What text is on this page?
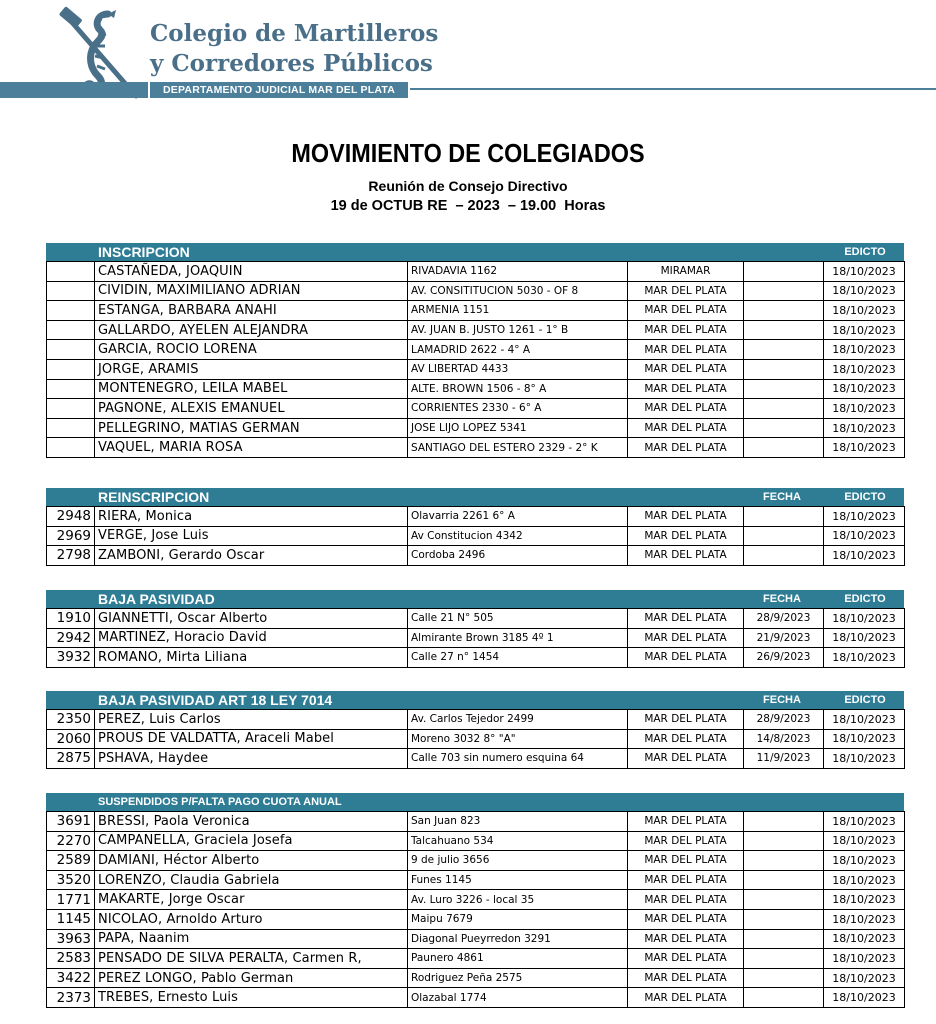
Colegio de Martilleros
y Corredores Públicos
DEPARTAMENTO JUDICIAL MAR DEL PLATA
MOVIMIENTO DE COLEGIADOS
Reunión de Consejo Directivo
19 de OCTUB RE  – 2023  – 19.00  Horas
INSCRIPCION	EDICTO
	CASTAÑEDA, JOAQUIN	RIVADAVIA 1162	MIRAMAR		18/10/2023
	CIVIDIN, MAXIMILIANO ADRIAN	AV. CONSITITUCION 5030 - OF 8	MAR DEL PLATA		18/10/2023
	ESTANGA, BARBARA ANAHI	ARMENIA 1151	MAR DEL PLATA		18/10/2023
	GALLARDO, AYELEN ALEJANDRA	AV. JUAN B. JUSTO 1261 - 1° B	MAR DEL PLATA		18/10/2023
	GARCIA, ROCIO LORENA	LAMADRID 2622 - 4° A	MAR DEL PLATA		18/10/2023
	JORGE, ARAMIS	AV LIBERTAD 4433	MAR DEL PLATA		18/10/2023
	MONTENEGRO, LEILA MABEL	ALTE. BROWN 1506 - 8° A	MAR DEL PLATA		18/10/2023
	PAGNONE, ALEXIS EMANUEL	CORRIENTES 2330 - 6° A	MAR DEL PLATA		18/10/2023
	PELLEGRINO, MATIAS GERMAN	JOSE LIJO LOPEZ 5341	MAR DEL PLATA		18/10/2023
	VAQUEL, MARIA ROSA	SANTIAGO DEL ESTERO 2329 - 2° K	MAR DEL PLATA		18/10/2023
REINSCRIPCION	FECHA	EDICTO
2948	RIERA, Monica	Olavarria 2261 6° A	MAR DEL PLATA		18/10/2023
2969	VERGE, Jose Luis	Av Constitucion 4342	MAR DEL PLATA		18/10/2023
2798	ZAMBONI, Gerardo Oscar	Cordoba 2496	MAR DEL PLATA		18/10/2023
BAJA PASIVIDAD	FECHA	EDICTO
1910	GIANNETTI, Oscar Alberto	Calle 21 N° 505	MAR DEL PLATA	28/9/2023	18/10/2023
2942	MARTINEZ, Horacio David	Almirante Brown 3185 4º 1	MAR DEL PLATA	21/9/2023	18/10/2023
3932	ROMANO, Mirta Liliana	Calle 27 n° 1454	MAR DEL PLATA	26/9/2023	18/10/2023
BAJA PASIVIDAD ART 18 LEY 7014	FECHA	EDICTO
2350	PEREZ, Luis Carlos	Av. Carlos Tejedor 2499	MAR DEL PLATA	28/9/2023	18/10/2023
2060	PROUS DE VALDATTA, Araceli Mabel	Moreno 3032 8° "A"	MAR DEL PLATA	14/8/2023	18/10/2023
2875	PSHAVA, Haydee	Calle 703 sin numero esquina 64	MAR DEL PLATA	11/9/2023	18/10/2023
SUSPENDIDOS P/FALTA PAGO CUOTA ANUAL
3691	BRESSI, Paola Veronica	San Juan 823	MAR DEL PLATA		18/10/2023
2270	CAMPANELLA, Graciela Josefa	Talcahuano 534	MAR DEL PLATA		18/10/2023
2589	DAMIANI, Héctor Alberto	9 de julio 3656	MAR DEL PLATA		18/10/2023
3520	LORENZO, Claudia Gabriela	Funes 1145	MAR DEL PLATA		18/10/2023
1771	MAKARTE, Jorge Oscar	Av. Luro 3226 - local 35	MAR DEL PLATA		18/10/2023
1145	NICOLAO, Arnoldo Arturo	Maipu 7679	MAR DEL PLATA		18/10/2023
3963	PAPA, Naanim	Diagonal Pueyrredon 3291	MAR DEL PLATA		18/10/2023
2583	PENSADO DE SILVA PERALTA, Carmen R,	Paunero 4861	MAR DEL PLATA		18/10/2023
3422	PEREZ LONGO, Pablo German	Rodriguez Peña 2575	MAR DEL PLATA		18/10/2023
2373	TREBES, Ernesto Luis	Olazabal 1774	MAR DEL PLATA		18/10/2023
